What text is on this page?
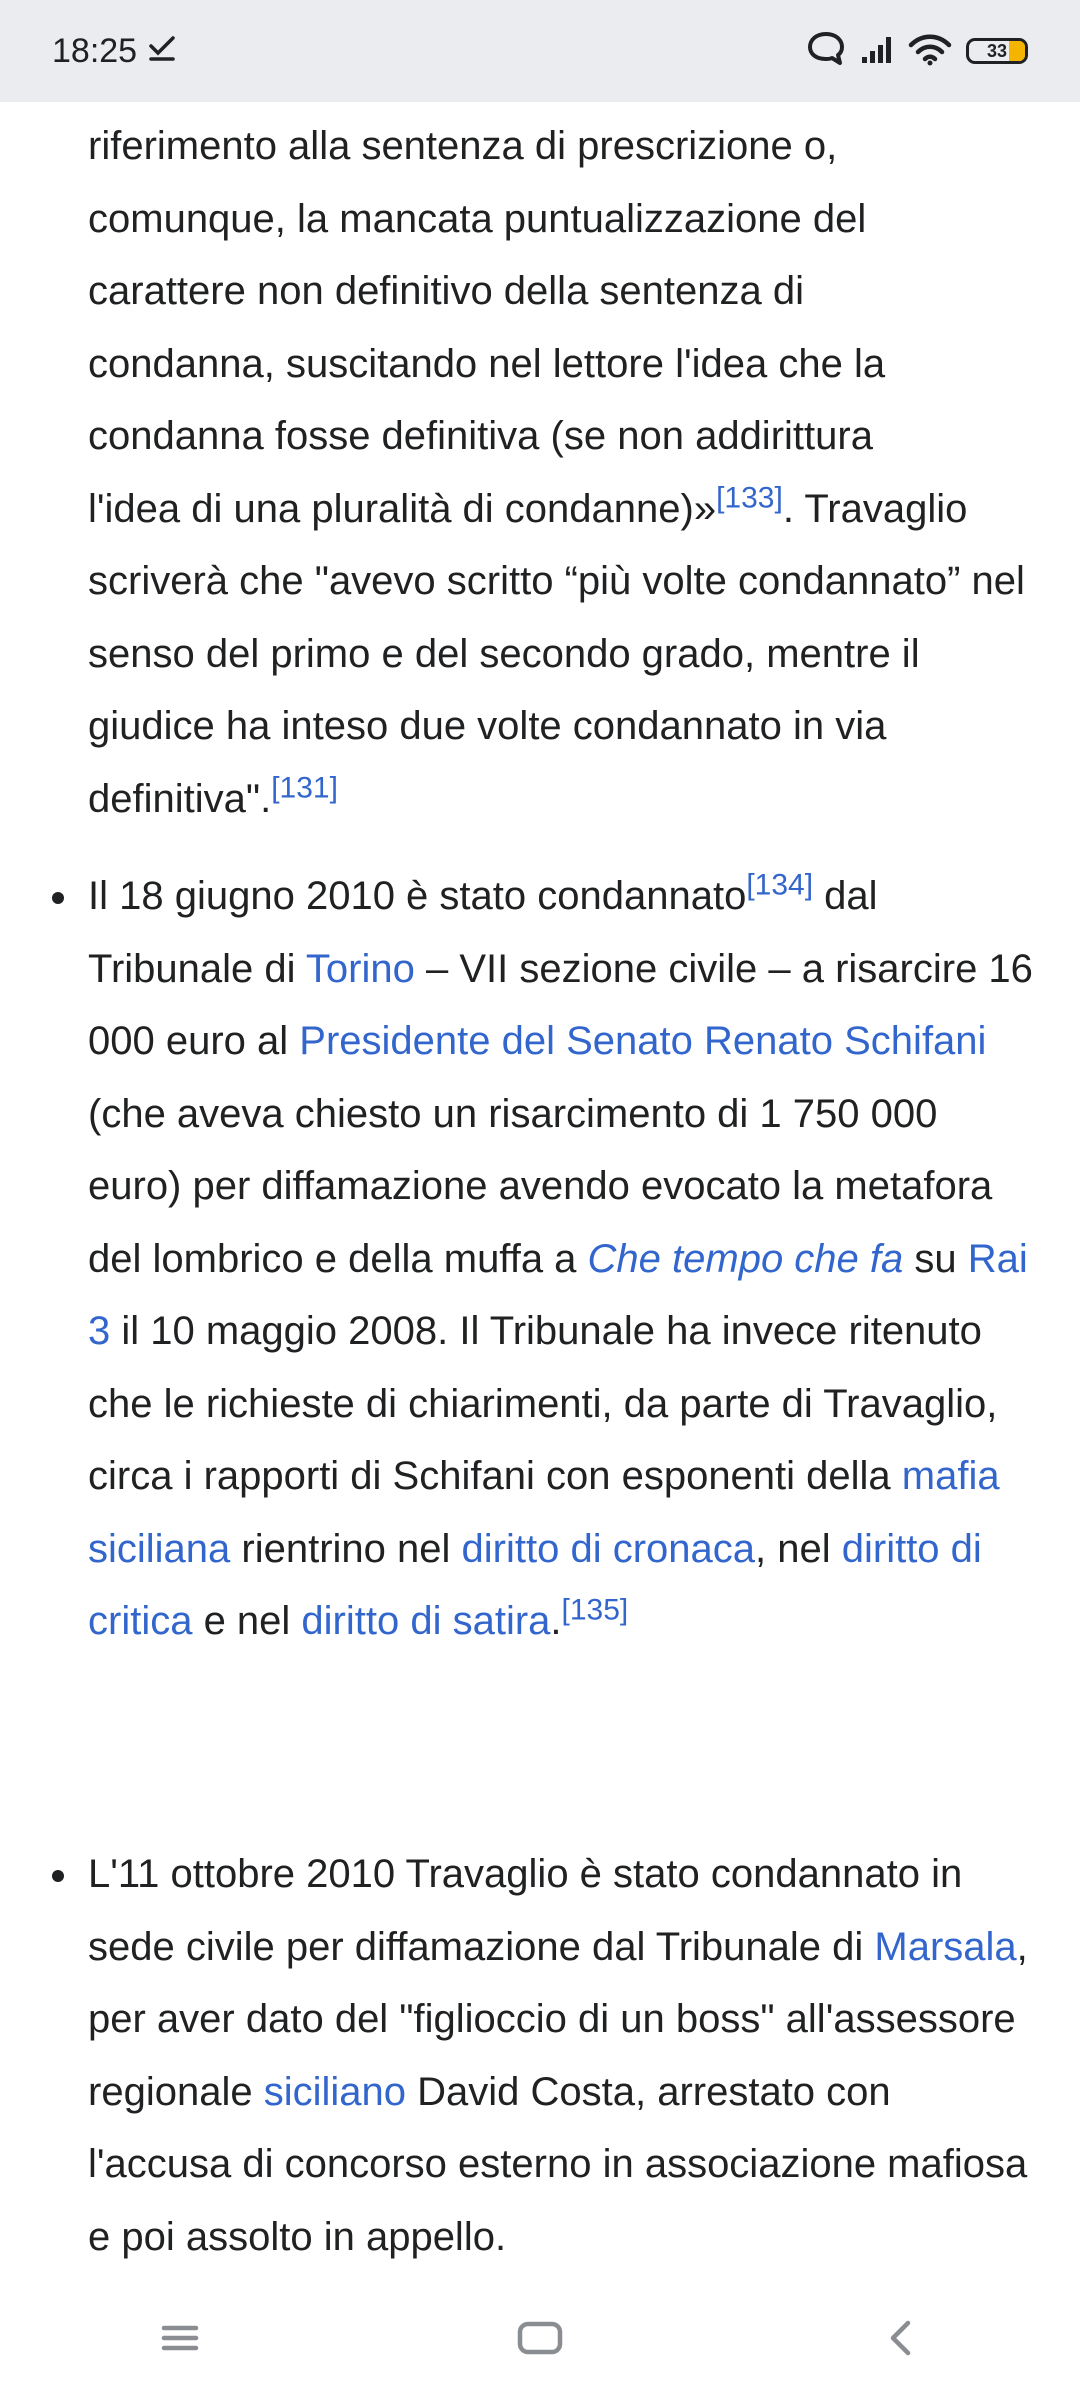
18:25	33
riferimento alla sentenza di prescrizione o,
comunque, la mancata puntualizzazione del
carattere non definitivo della sentenza di
condanna, suscitando nel lettore l'idea che la
condanna fosse definitiva (se non addirittura
l'idea di una pluralità di condanne)»[133]. Travaglio scriverà che "avevo scritto “più volte condannato” nel senso del primo e del secondo grado, mentre il giudice ha inteso due volte condannato in via definitiva".[131]
Il 18 giugno 2010 è stato condannato[134] dal Tribunale di Torino – VII sezione civile – a risarcire 16 000 euro al Presidente del Senato Renato Schifani (che aveva chiesto un risarcimento di 1 750 000 euro) per diffamazione avendo evocato la metafora del lombrico e della muffa a Che tempo che fa su Rai 3 il 10 maggio 2008. Il Tribunale ha invece ritenuto che le richieste di chiarimenti, da parte di Travaglio, circa i rapporti di Schifani con esponenti della mafia siciliana rientrino nel diritto di cronaca, nel diritto di critica e nel diritto di satira.[135]
L'11 ottobre 2010 Travaglio è stato condannato in sede civile per diffamazione dal Tribunale di Marsala, per aver dato del "figlioccio di un boss" all'assessore regionale siciliano David Costa, arrestato con l'accusa di concorso esterno in associazione mafiosa e poi assolto in appello.
